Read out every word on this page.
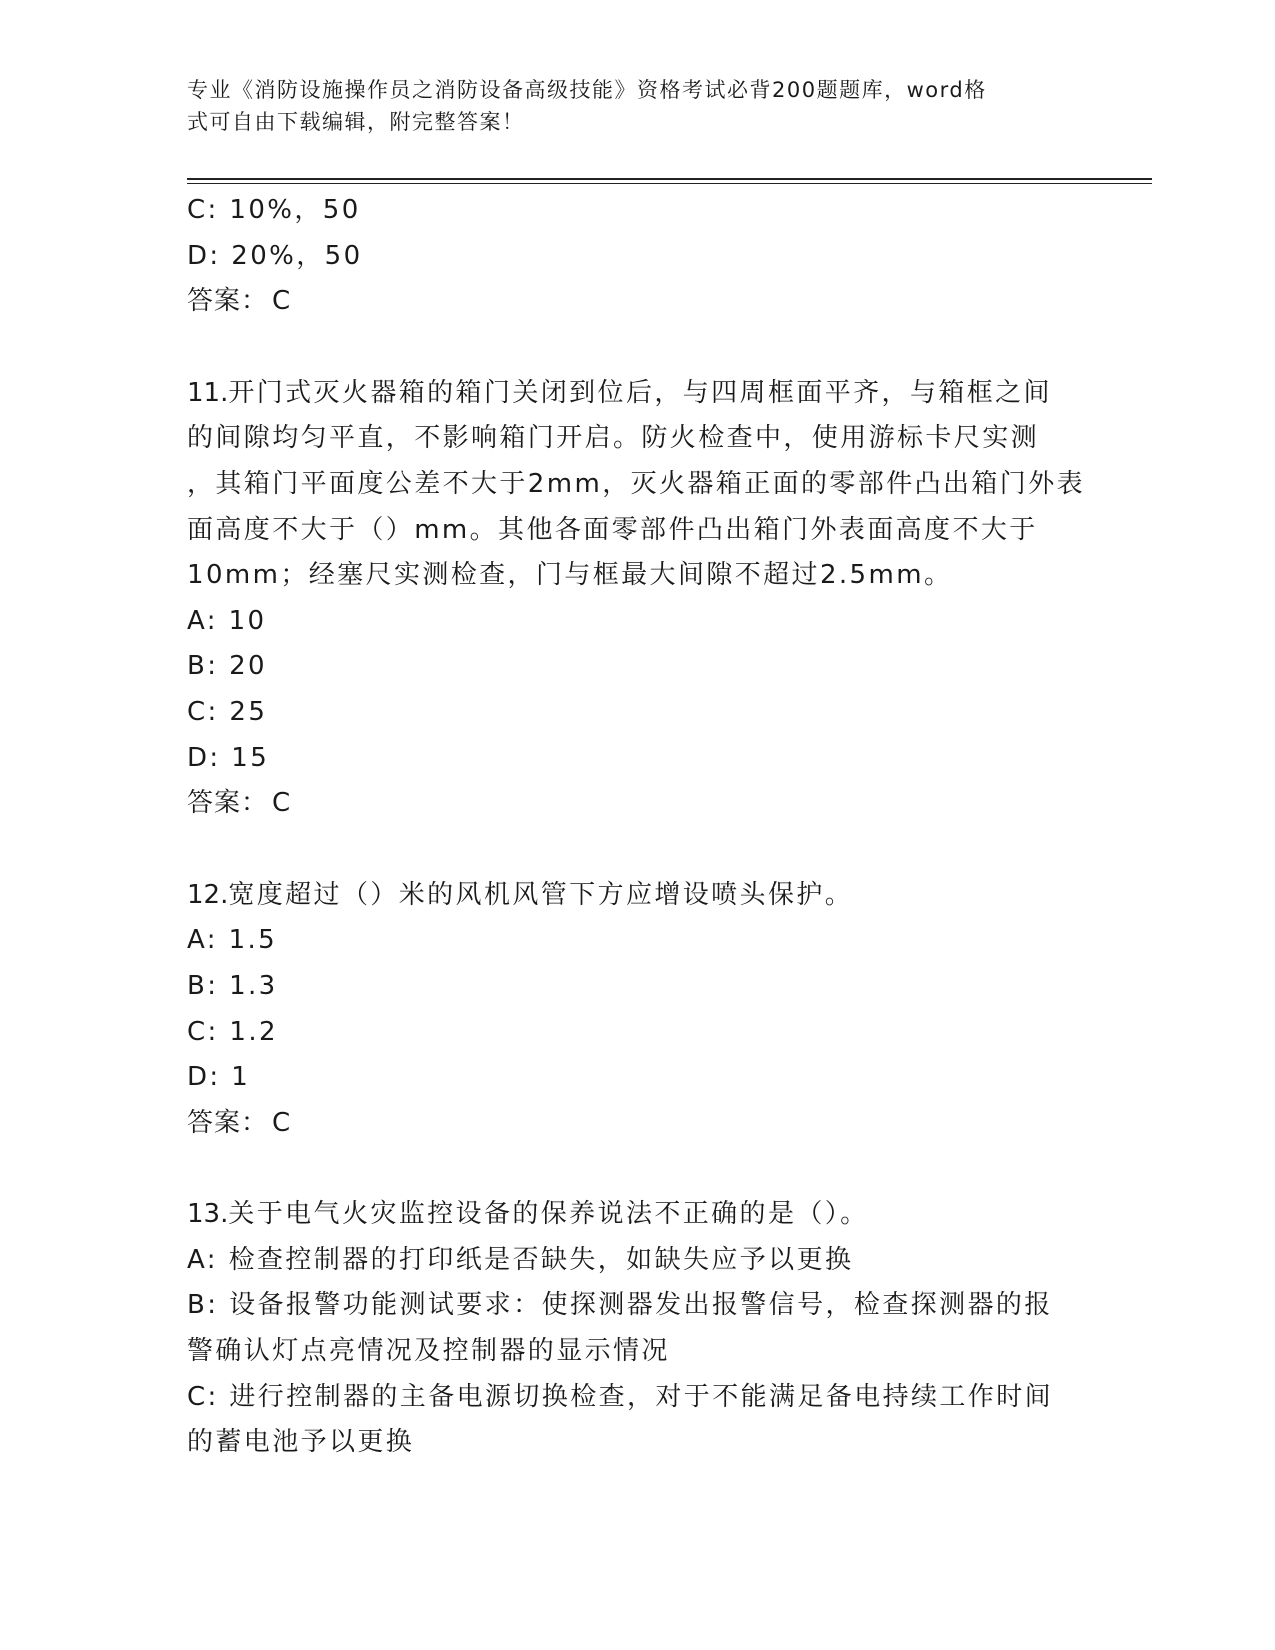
专业《消防设施操作员之消防设备高级技能》资格考试必背200题题库，word格
式可自由下载编辑，附完整答案！
C: 10%，50
D: 20%，50
答案： C
11.开门式灭火器箱的箱门关闭到位后，与四周框面平齐，与箱框之间
的间隙均匀平直，不影响箱门开启。防火检查中，使用游标卡尺实测
，其箱门平面度公差不大于2mm，灭火器箱正面的零部件凸出箱门外表
面高度不大于（）mm。其他各面零部件凸出箱门外表面高度不大于
10mm；经塞尺实测检查，门与框最大间隙不超过2.5mm。
A: 10
B: 20
C: 25
D: 15
答案： C
12.宽度超过（）米的风机风管下方应增设喷头保护。
A: 1.5
B: 1.3
C: 1.2
D: 1
答案： C
13.关于电气火灾监控设备的保养说法不正确的是（）。
A: 检查控制器的打印纸是否缺失，如缺失应予以更换
B: 设备报警功能测试要求：使探测器发出报警信号，检查探测器的报
警确认灯点亮情况及控制器的显示情况
C: 进行控制器的主备电源切换检查，对于不能满足备电持续工作时间
的蓄电池予以更换
